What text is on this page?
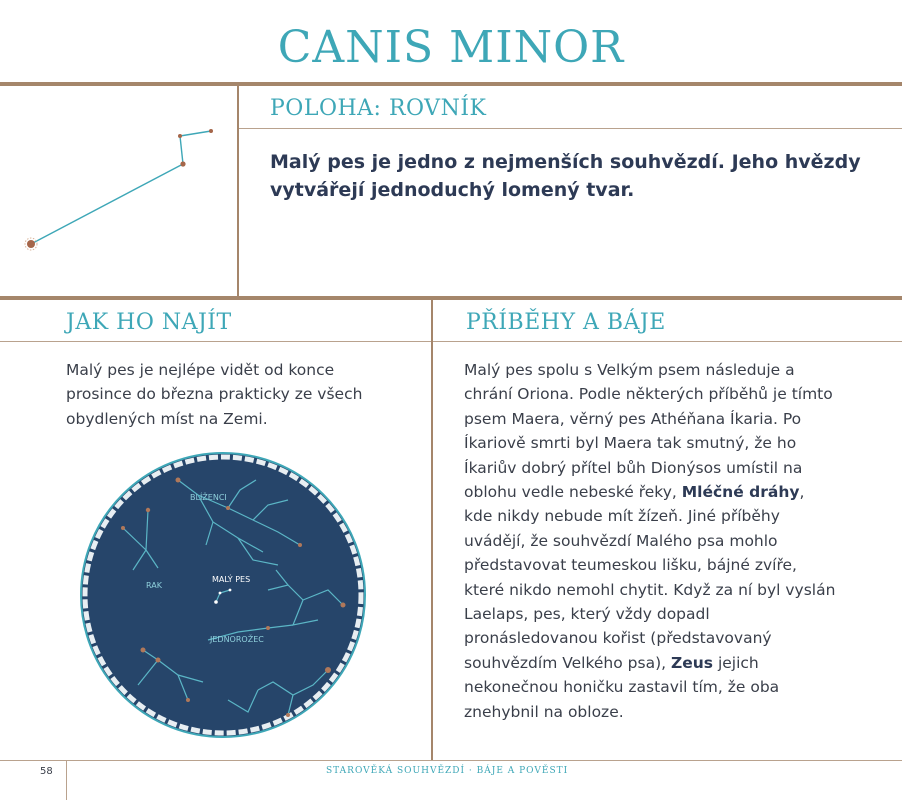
CANIS MINOR
POLOHA: ROVNÍK
Malý pes je jedno z nejmenších souhvězdí. Jeho hvězdy vytvářejí jednoduchý lomený tvar.
JAK HO NAJÍT	PŘÍBĚHY A BÁJE
Malý pes je nejlépe vidět od konce prosince do března prakticky ze všech obydlených míst na Zemi.
Malý pes spolu s Velkým psem následuje a chrání Oriona. Podle některých příběhů je tímto psem Maera, věrný pes Athéňana Íkaria. Po Íkariově smrti byl Maera tak smutný, že ho Íkariův dobrý přítel bůh Dionýsos umístil na oblohu vedle nebeské řeky, Mléčné dráhy, kde nikdy nebude mít žízeň. Jiné příběhy uvádějí, že souhvězdí Malého psa mohlo představovat teumeskou lišku, bájné zvíře, které nikdo nemohl chytit. Když za ní byl vyslán Laelaps, pes, který vždy dopadl pronásledovanou kořist (představovaný souhvězdím Velkého psa), Zeus jejich nekonečnou honičku zastavil tím, že oba znehybnil na obloze.
BLÍŽENCI
RAK
MALÝ PES
JEDNOROŽEC
58	STAROVĚKÁ SOUHVĚZDÍ · BÁJE A POVĚSTI
